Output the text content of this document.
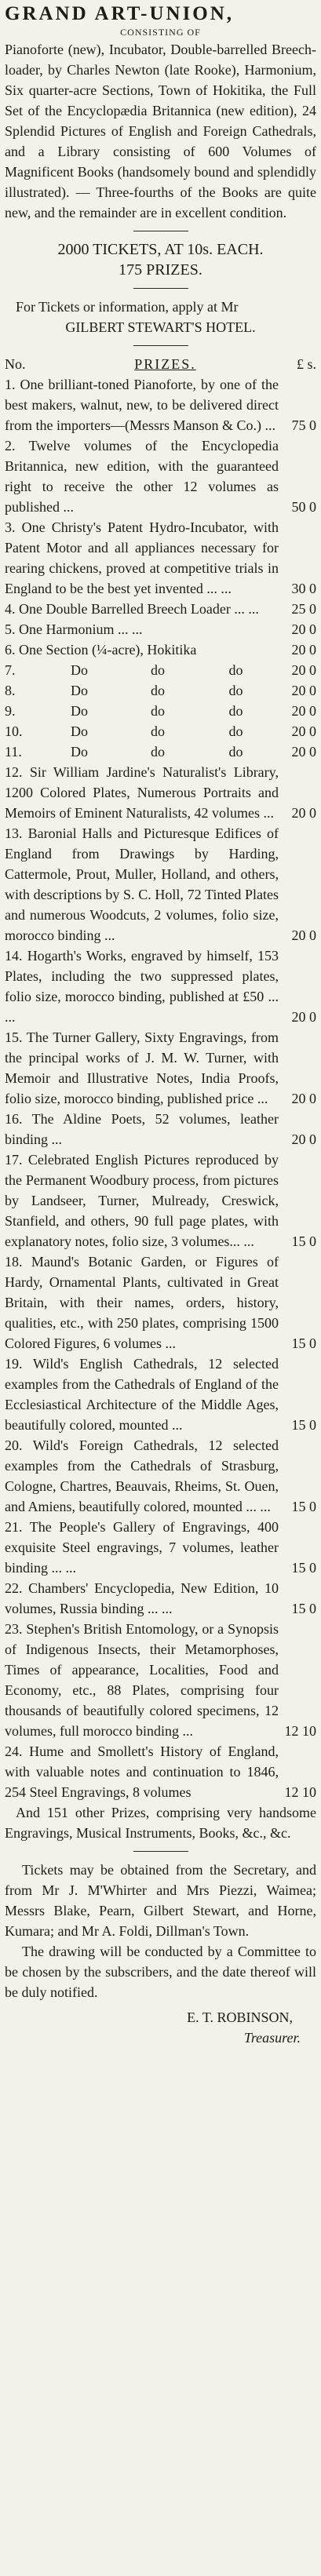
GRAND ART-UNION,

CONSISTING OF

Pianoforte (new), Incubator, Double-barrelled Breech-loader, by Charles Newton (late Rooke), Harmonium, Six quarter-acre Sections, Town of Hokitika, the Full Set of the Encyclopædia Britannica (new edition), 24 Splendid Pictures of English and Foreign Cathedrals, and a Library consisting of 600 Volumes of Magnificent Books (handsomely bound and splendidly illustrated). — Three-fourths of the Books are quite new, and the remainder are in excellent condition.

2000 TICKETS, AT 10s. EACH.

175 PRIZES.

For Tickets or information, apply at Mr

GILBERT STEWART'S HOTEL.

No.	PRIZES.	£ s.
1. One brilliant-toned Pianoforte, by one of the best makers, walnut, new, to be delivered direct from the importers—(Messrs Manson & Co.) ...	75 0
2. Twelve volumes of the Encyclopedia Britannica, new edition, with the guaranteed right to receive the other 12 volumes as published ...	50 0
3. One Christy's Patent Hydro-Incubator, with Patent Motor and all appliances necessary for rearing chickens, proved at competitive trials in England to be the best yet invented ... ...	30 0
4. One Double Barrelled Breech Loader ... ...	25 0
5. One Harmonium ... ...	20 0
6. One Section (¼-acre), Hokitika	20 0
7.	Do	do	do	20 0
8.	Do	do	do	20 0
9.	Do	do	do	20 0
10.	Do	do	do	20 0
11.	Do	do	do	20 0
12. Sir William Jardine's Naturalist's Library, 1200 Colored Plates, Numerous Portraits and Memoirs of Eminent Naturalists, 42 volumes ...	20 0
13. Baronial Halls and Picturesque Edifices of England from Drawings by Harding, Cattermole, Prout, Muller, Holland, and others, with descriptions by S. C. Holl, 72 Tinted Plates and numerous Woodcuts, 2 volumes, folio size, morocco binding ...	20 0
14. Hogarth's Works, engraved by himself, 153 Plates, including the two suppressed plates, folio size, morocco binding, published at £50 ... ...	20 0
15. The Turner Gallery, Sixty Engravings, from the principal works of J. M. W. Turner, with Memoir and Illustrative Notes, India Proofs, folio size, morocco binding, published price ...	20 0
16. The Aldine Poets, 52 volumes, leather binding ...	20 0
17. Celebrated English Pictures reproduced by the Permanent Woodbury process, from pictures by Landseer, Turner, Mulready, Creswick, Stanfield, and others, 90 full page plates, with explanatory notes, folio size, 3 volumes... ...	15 0
18. Maund's Botanic Garden, or Figures of Hardy, Ornamental Plants, cultivated in Great Britain, with their names, orders, history, qualities, etc., with 250 plates, comprising 1500 Colored Figures, 6 volumes ...	15 0
19. Wild's English Cathedrals, 12 selected examples from the Cathedrals of England of the Ecclesiastical Architecture of the Middle Ages, beautifully colored, mounted ...	15 0
20. Wild's Foreign Cathedrals, 12 selected examples from the Cathedrals of Strasburg, Cologne, Chartres, Beauvais, Rheims, St. Ouen, and Amiens, beautifully colored, mounted ... ...	15 0
21. The People's Gallery of Engravings, 400 exquisite Steel engravings, 7 volumes, leather binding ... ...	15 0
22. Chambers' Encyclopedia, New Edition, 10 volumes, Russia binding ... ...	15 0
23. Stephen's British Entomology, or a Synopsis of Indigenous Insects, their Metamorphoses, Times of appearance, Localities, Food and Economy, etc., 88 Plates, comprising four thousands of beautifully colored specimens, 12 volumes, full morocco binding ...	12 10
24. Hume and Smollett's History of England, with valuable notes and continuation to 1846, 254 Steel Engravings, 8 volumes	12 10

And 151 other Prizes, comprising very handsome Engravings, Musical Instruments, Books, &c., &c.

Tickets may be obtained from the Secretary, and from Mr J. M'Whirter and Mrs Piezzi, Waimea; Messrs Blake, Pearn, Gilbert Stewart, and Horne, Kumara; and Mr A. Foldi, Dillman's Town.

The drawing will be conducted by a Committee to be chosen by the subscribers, and the date thereof will be duly notified.

E. T. ROBINSON,

Treasurer.
